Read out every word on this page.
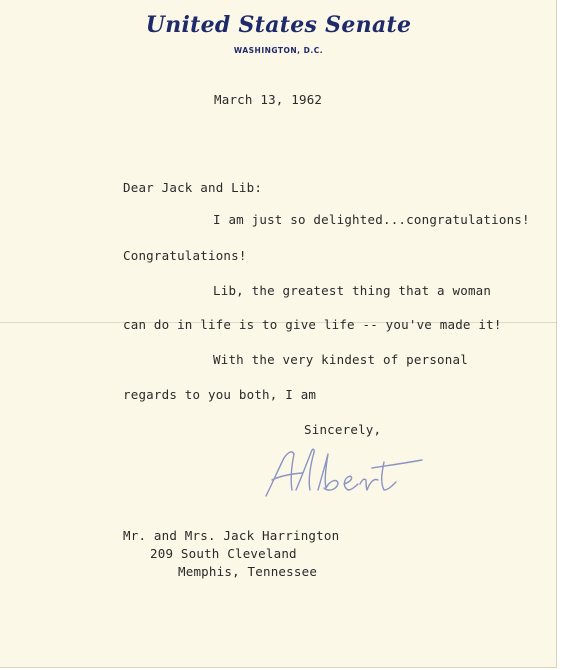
United States Senate
WASHINGTON, D.C.
March 13, 1962
Dear Jack and Lib:
I am just so delighted...congratulations!
Congratulations!
Lib, the greatest thing that a woman
can do in life is to give life -- you've made it!
With the very kindest of personal
regards to you both, I am
Sincerely,
Mr. and Mrs. Jack Harrington
209 South Cleveland
Memphis, Tennessee
